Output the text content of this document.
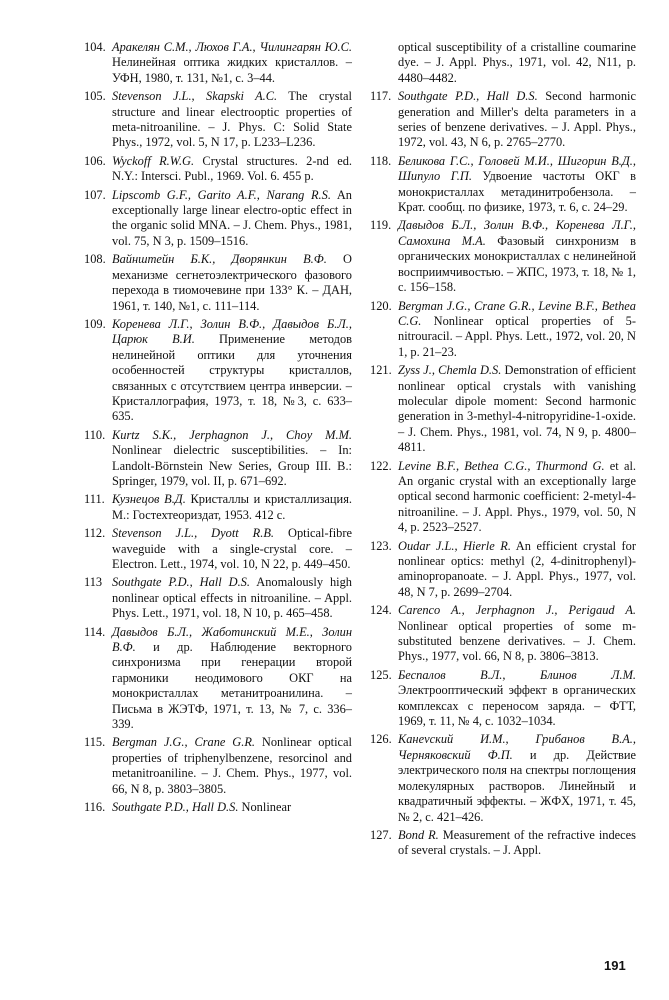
104. Аракелян С.М., Люхов Г.А., Чилингарян Ю.С. Нелинейная оптика жидких кристаллов. – УФН, 1980, т. 131, №1, с. 3–44.
105. Stevenson J.L., Skapski A.C. The crystal structure and linear electrooptic properties of meta-nitroaniline. – J. Phys. C: Solid State Phys., 1972, vol. 5, N 17, p. L233–L236.
106. Wyckoff R.W.G. Crystal structures. 2-nd ed. N.Y.: Intersci. Publ., 1969. Vol. 6. 455 p.
107. Lipscomb G.F., Garito A.F., Narang R.S. An exceptionally large linear electro-optic effect in the organic solid MNA. – J. Chem. Phys., 1981, vol. 75, N 3, p. 1509–1516.
108. Вайнштейн Б.К., Дворянкин В.Ф. О механизме сегнетоэлектрического фазового перехода в тиомочевине при 133° К. – ДАН, 1961, т. 140, №1, с. 111–114.
109. Коренева Л.Г., Золин В.Ф., Давыдов Б.Л., Царюк В.И. Применение методов нелинейной оптики для уточнения особенностей структуры кристаллов, связанных с отсутствием центра инверсии. – Кристаллография, 1973, т. 18, №3, с. 633–635.
110. Kurtz S.K., Jerphagnon J., Choy M.M. Nonlinear dielectric susceptibilities. – In: Landolt-Börnstein New Series, Group III. B.: Springer, 1979, vol. II, p. 671–692.
111. Кузнецов В.Д. Кристаллы и кристаллизация. М.: Гостехтеориздат, 1953. 412 с.
112. Stevenson J.L., Dyott R.B. Optical-fibre waveguide with a single-crystal core. – Electron. Lett., 1974, vol. 10, N 22, p. 449–450.
113 Southgate P.D., Hall D.S. Anomalously high nonlinear optical effects in nitroaniline. – Appl. Phys. Lett., 1971, vol. 18, N 10, p. 465–458.
114. Давыдов Б.Л., Жаботинский М.Е., Золин В.Ф. и др. Наблюдение векторного синхронизма при генерации второй гармоники неодимового ОКГ на монокристаллах метанитроанилина. – Письма в ЖЭТФ, 1971, т. 13, № 7, с. 336–339.
115. Bergman J.G., Crane G.R. Nonlinear optical properties of triphenylbenzene, resorcinol and metanitroaniline. – J. Chem. Phys., 1977, vol. 66, N 8, p. 3803–3805.
116. Southgate P.D., Hall D.S. Nonlinear
optical susceptibility of a cristalline coumarine dye. – J. Appl. Phys., 1971, vol. 42, N11, p. 4480–4482.
117. Southgate P.D., Hall D.S. Second harmonic generation and Miller's delta parameters in a series of benzene derivatives. – J. Appl. Phys., 1972, vol. 43, N 6, p. 2765–2770.
118. Беликова Г.С., Головей М.И., Шигорин В.Д., Шипуло Г.П. Удвоение частоты ОКГ в монокристаллах метадинитробензола. – Крат. сообщ. по физике, 1973, т. 6, с. 24–29.
119. Давыдов Б.Л., Золин В.Ф., Коренева Л.Г., Самохина М.А. Фазовый синхронизм в органических монокристаллах с нелинейной восприимчивостью. – ЖПС, 1973, т. 18, № 1, с. 156–158.
120. Bergman J.G., Crane G.R., Levine B.F., Bethea C.G. Nonlinear optical properties of 5-nitrouracil. – Appl. Phys. Lett., 1972, vol. 20, N 1, p. 21–23.
121. Zyss J., Chemla D.S. Demonstration of efficient nonlinear optical crystals with vanishing molecular dipole moment: Second harmonic generation in 3-methyl-4-nitropyridine-1-oxide. – J. Chem. Phys., 1981, vol. 74, N 9, p. 4800–4811.
122. Levine B.F., Bethea C.G., Thurmond G. et al. An organic crystal with an exceptionally large optical second harmonic coefficient: 2-metyl-4-nitroaniline. – J. Appl. Phys., 1979, vol. 50, N 4, p. 2523–2527.
123. Oudar J.L., Hierle R. An efficient crystal for nonlinear optics: methyl (2, 4-dinitrophenyl)-aminopropanoate. – J. Appl. Phys., 1977, vol. 48, N 7, p. 2699–2704.
124. Carenco A., Jerphagnon J., Perigaud A. Nonlinear optical properties of some m-substituted benzene derivatives. – J. Chem. Phys., 1977, vol. 66, N 8, p. 3806–3813.
125. Беспалов В.Л., Блинов Л.М. Электрооптический эффект в органических комплексах с переносом заряда. – ФТТ, 1969, т. 11, № 4, с. 1032–1034.
126. Канevский И.М., Грибанов В.А., Черняковский Ф.П. и др. Действие электрического поля на спектры поглощения молекулярных растворов. Линейный и квадратичный эффекты. – ЖФХ, 1971, т. 45, № 2, с. 421–426.
127. Bond R. Measurement of the refractive indeces of several crystals. – J. Appl.
191
